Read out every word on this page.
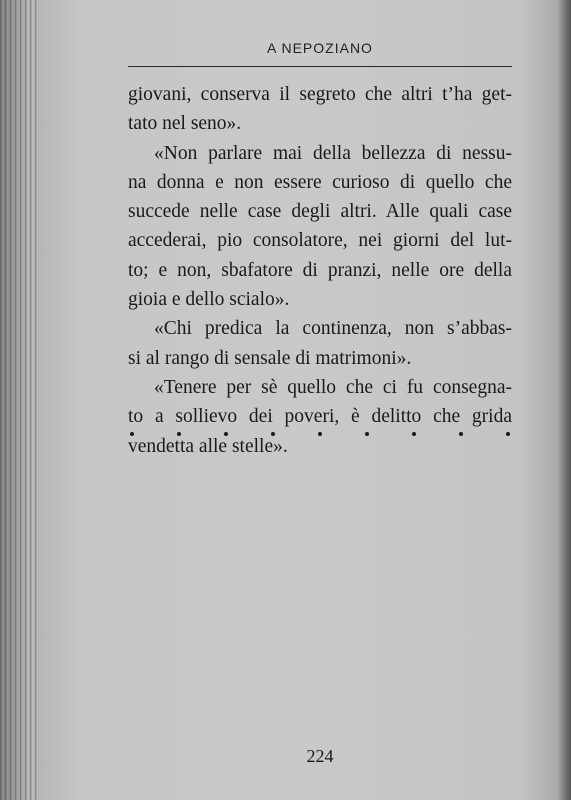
A NEPOZIANO
giovani, conserva il segreto che altri t’ha get-
tato nel seno».
«Non parlare mai della bellezza di nessu-
na donna e non essere curioso di quello che
succede nelle case degli altri. Alle quali case
accederai, pio consolatore, nei giorni del lut-
to; e non, sbafatore di pranzi, nelle ore della
gioia e dello scialo».
«Chi predica la continenza, non s’abbas-
si al rango di sensale di matrimoni».
«Tenere per sè quello che ci fu consegna-
to a sollievo dei poveri, è delitto che grida
vendetta alle stelle».
224
